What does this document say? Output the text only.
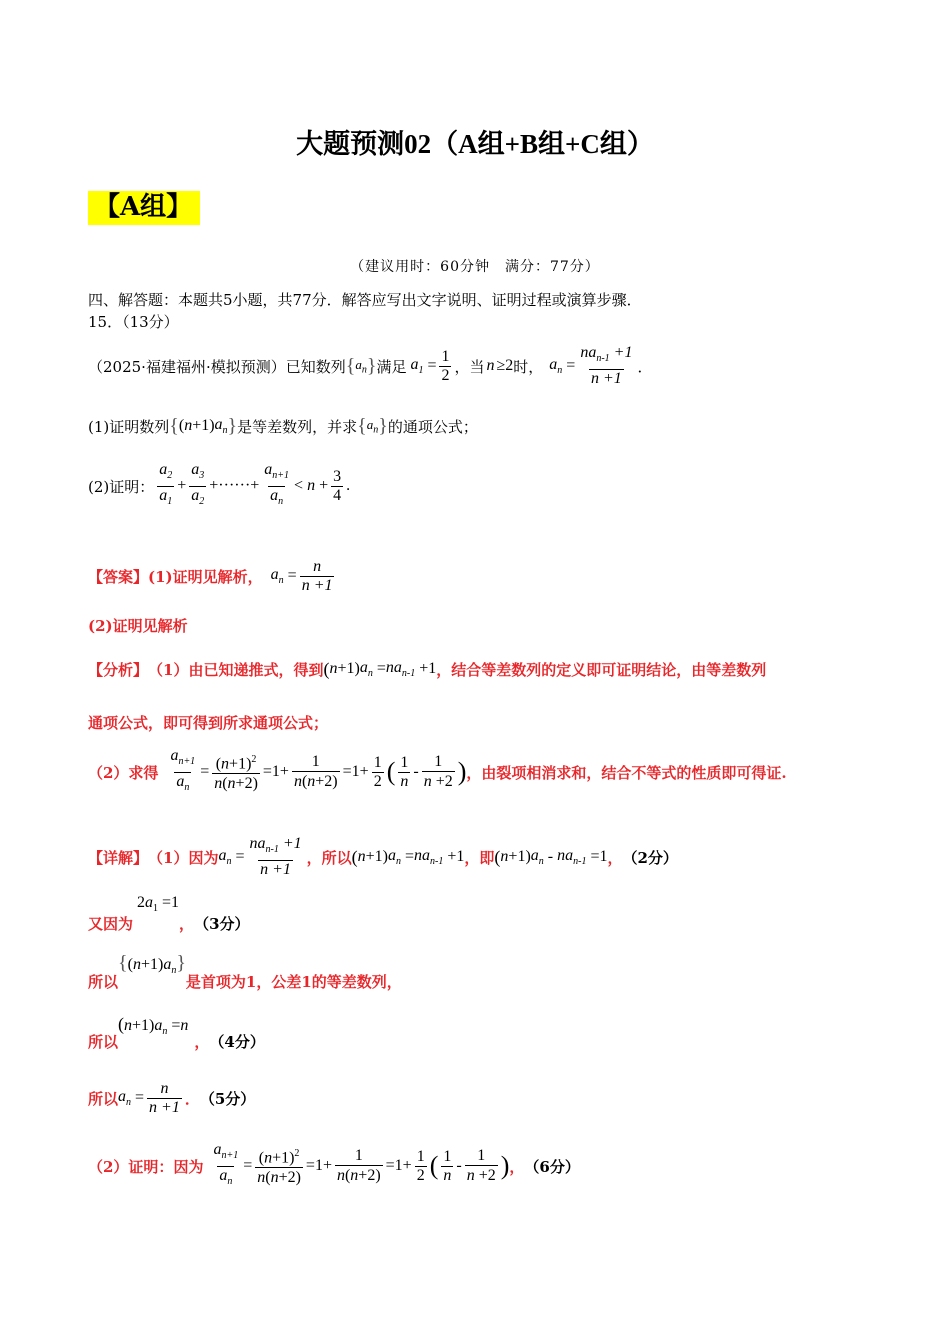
大题预测02（A组+B组+C组）
【A组】
（建议用时：60分钟　满分：77分）
四、解答题：本题共5小题，共77分．解答应写出文字说明、证明过程或演算步骤．
15．（13分）
（2025·福建福州·模拟预测）已知数列 { $a_n$ } 满足 $a_1 = \frac{1}{2}$ ，当 n ≥2 时， $a_n = \frac{na_{n-1} +1}{n +1}$ ．
(1)证明数列 { ( n +1) $a_n$ } 是等差数列，并求 { $a_n$ } 的通项公式；
(2)证明： $\frac{a_2}{a_1} + \frac{a_3}{a_2}$ +······+ $\frac{a_{n+1}}{a_n} < n + \frac{3}{4}$ .
【答案】 (1)证明见解析， $a_n = \frac{n}{n +1}$
(2)证明见解析
【分析】 （1）由已知递推式，得到 ( n +1) $a_n = na_{n-1} +1$ ，结合等差数列的定义即可证明结论，由等差数列
通项公式，即可得到所求通项公式；
（2）求得 $\frac{a_{n+1}}{a_n} = \frac{(n+1)^2}{n(n+2)} =1+ \frac{1}{n(n+2)} =1+ \frac{1}{2}$ ( $\frac{1}{n} - \frac{1}{n +2}$ ) ，由裂项相消求和，结合不等式的性质即可得证.
【详解】 （1）因为 $a_n = \frac{na_{n-1} +1}{n +1}$ ，所以 ( n +1) $a_n = na_{n-1} +1$ ，即 ( n +1) $a_n - na_{n-1} =1$ ， （2分）
又因为
$2a_1 =1$
， （3分）
所以
$\{(n+1)a_n\}$
是首项为1，公差1的等差数列，
所以
$(n+1)a_n =n$
， （4分）
所以 $a_n = \frac{n}{n +1}$ ． （5分）
（2）证明：因为 $\frac{a_{n+1}}{a_n} = \frac{(n+1)^2}{n(n+2)} =1+ \frac{1}{n(n+2)} =1+ \frac{1}{2}$ ( $\frac{1}{n} - \frac{1}{n +2}$ ) ， （6分）
